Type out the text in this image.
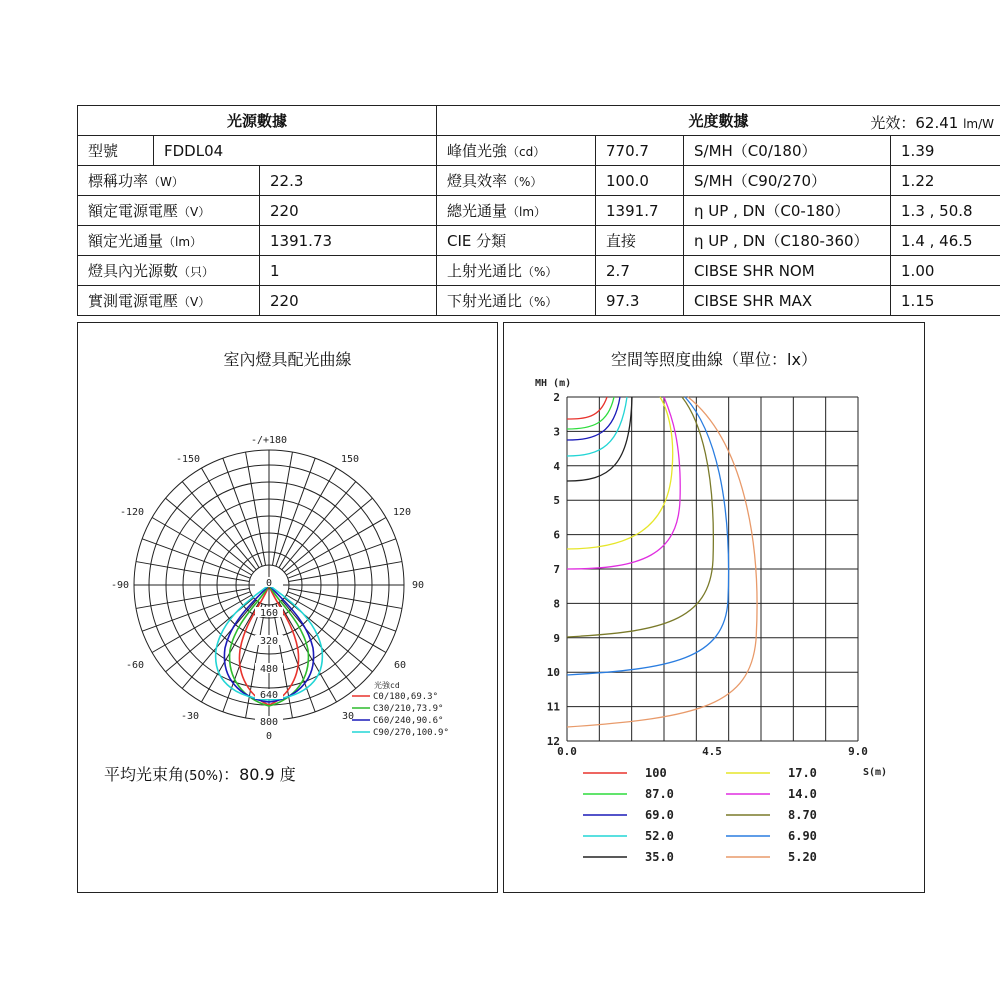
光源數據			光度數據 光效：62.41 lm/W			

型號	FDDL04		峰值光強（cd）	770.7	S/MH（C0/180）	1.39
標稱功率（W）		22.3	燈具效率（%）	100.0	S/MH（C90/270）	1.22
額定電源電壓（V）		220	總光通量（lm）	1391.7	η UP , DN（C0-180）	1.3 , 50.8
額定光通量（lm）		1391.73	CIE 分類	直接	η UP , DN（C180-360）	1.4 , 46.5
燈具內光源數（只）		1	上射光通比（%）	2.7	CIBSE SHR NOM	1.00
實測電源電壓（V）		220	下射光通比（%）	97.3	CIBSE SHR MAX	1.15
室內燈具配光曲線
-/+180
-150	150
-120	120
-90	90
-60	60
-30	30
0
0
160
320
480
640
800
光強cd
C0/180,69.3°
C30/210,73.9°
C60/240,90.6°
C90/270,100.9°
平均光束角(50%)：80.9 度
空間等照度曲線（單位：lx）
MH (m)
2
3
4
5
6
7
8
9
10
11
12
0.0	4.5	9.0
S(m)
100	17.0
87.0	14.0
69.0	8.70
52.0	6.90
35.0	5.20
